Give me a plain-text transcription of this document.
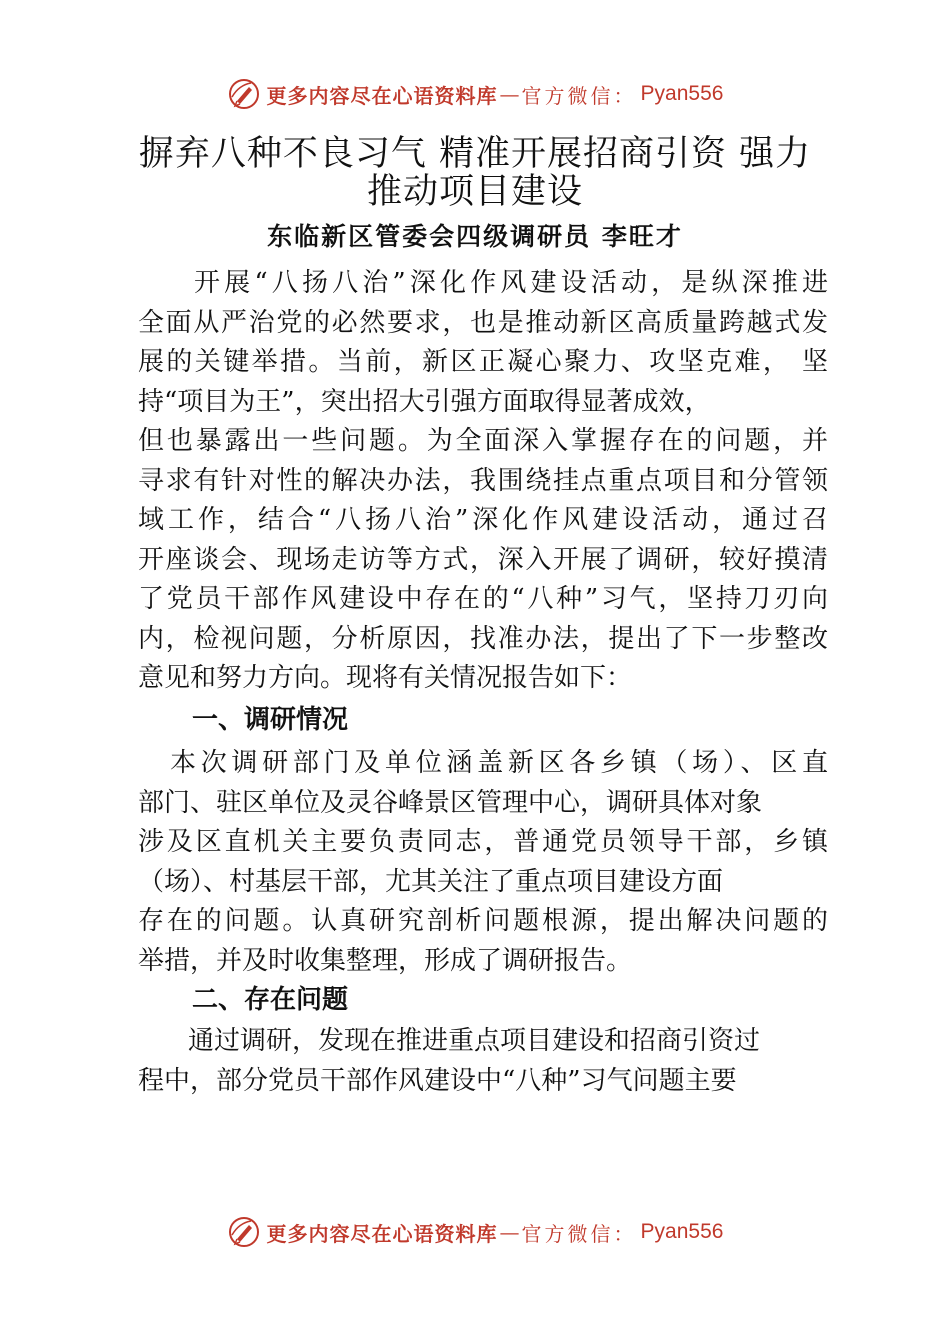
更多内容尽在心语资料库 — 官方微信： Pyan556
摒弃八种不良习气 精准开展招商引资 强力
推动项目建设
东临新区管委会四级调研员 李旺才
开展“八扬八治”深化作风建设活动，是纵深推进
全面从严治党的必然要求，也是推动新区高质量跨越式发
展的关键举措。当前，新区正凝心聚力、攻坚克难， 坚
持“项目为王”，突出招大引强方面取得显著成效，
但也暴露出一些问题。为全面深入掌握存在的问题，并
寻求有针对性的解决办法，我围绕挂点重点项目和分管领
域工作，结合“八扬八治”深化作风建设活动，通过召
开座谈会、现场走访等方式，深入开展了调研，较好摸清
了党员干部作风建设中存在的“八种”习气，坚持刀刃向
内，检视问题，分析原因，找准办法，提出了下一步整改
意见和努力方向。现将有关情况报告如下：
一、调研情况
本次调研部门及单位涵盖新区各乡镇（场）、区直
部门、驻区单位及灵谷峰景区管理中心，调研具体对象
涉及区直机关主要负责同志，普通党员领导干部，乡镇
（场）、村基层干部，尤其关注了重点项目建设方面
存在的问题。认真研究剖析问题根源，提出解决问题的
举措，并及时收集整理，形成了调研报告。
二、存在问题
通过调研，发现在推进重点项目建设和招商引资过
程中，部分党员干部作风建设中“八种”习气问题主要
更多内容尽在心语资料库 — 官方微信： Pyan556
